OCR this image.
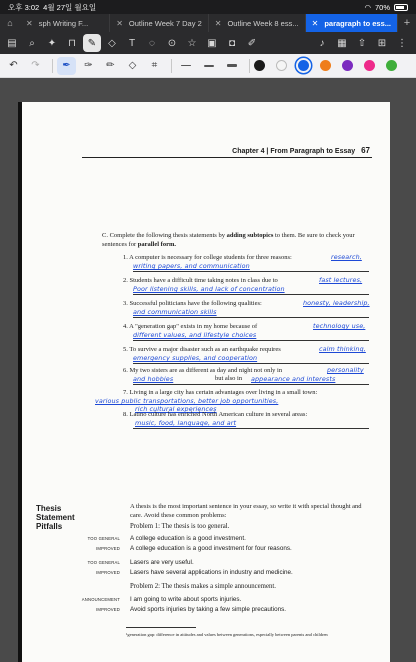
오후 3:02 4월 27일 월요일	◠ 70%
⌂	✕ sph Writing F...	✕ Outline Week 7 Day 2 ✕ Outline Week 8 ess... ✕ paragraph to ess...	+
▤	⌕	✦	⊓	✎	◇	T	◌	⊙	☆	▣	◘	✐	♪	▦	⇧	⊞	⋮
↶	↷	✒	✑	✏	◇	⌗
Chapter 4 | From Paragraph to Essay 67
C. Complete the following thesis statements by adding subtopics to them. Be sure to check your sentences for parallel form.
1. A computer is necessary for college students for three reasons:	research,
writing papers, and communication
2. Students have a difficult time taking notes in class due to	fast lectures,
Poor listening skills, and lack of concentration
3. Successful politicians have the following qualities:	honesty, leadership,
and communication skills
4. A "generation gap" exists in my home because of	technology use,
different values, and lifestyle choices
5. To survive a major disaster such as an earthquake requires	calm thinking,
emergency supplies, and cooperation
6. My two sisters are as different as day and night not only in	personality
and hobbies	but also in appearance and interests
7. Living in a large city has certain advantages over living in a small town:
various public transportations, better job opportunities,
rich cultural experiences
8. Latino culture has enriched North American culture in several areas:
music, food, language, and art
Thesis
Statement
Pitfalls
A thesis is the most important sentence in your essay, so write it with special thought and care. Avoid these common problems:
Problem 1: The thesis is too general.
TOO GENERAL A college education is a good investment.
IMPROVED A college education is a good investment for four reasons.
TOO GENERAL Lasers are very useful.
IMPROVED Lasers have several applications in industry and medicine.
Problem 2: The thesis makes a simple announcement.
ANNOUNCEMENT I am going to write about sports injuries.
IMPROVED Avoid sports injuries by taking a few simple precautions.
¹generation gap: difference in attitudes and values between generations, especially between parents and children
